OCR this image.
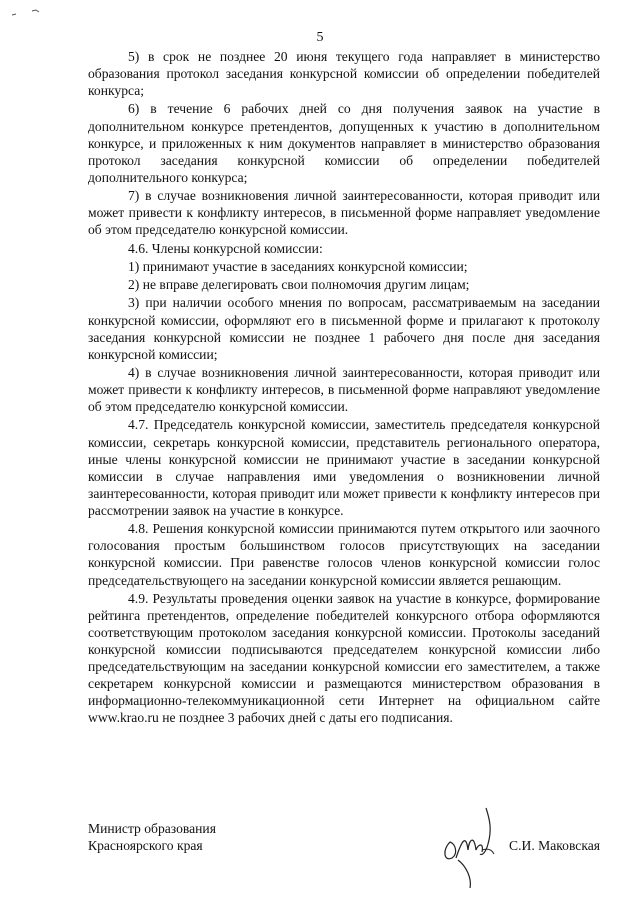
5

5) в срок не позднее 20 июня текущего года направляет в министерство образования протокол заседания конкурсной комиссии об определении победителей конкурса;

6) в течение 6 рабочих дней со дня получения заявок на участие в дополнительном конкурсе претендентов, допущенных к участию в дополнительном конкурсе, и приложенных к ним документов направляет в министерство образования протокол заседания конкурсной комиссии об определении победителей дополнительного конкурса;

7) в случае возникновения личной заинтересованности, которая приводит или может привести к конфликту интересов, в письменной форме направляет уведомление об этом председателю конкурсной комиссии.

4.6. Члены конкурсной комиссии:

1) принимают участие в заседаниях конкурсной комиссии;

2) не вправе делегировать свои полномочия другим лицам;

3) при наличии особого мнения по вопросам, рассматриваемым на заседании конкурсной комиссии, оформляют его в письменной форме и прилагают к протоколу заседания конкурсной комиссии не позднее 1 рабочего дня после дня заседания конкурсной комиссии;

4) в случае возникновения личной заинтересованности, которая приводит или может привести к конфликту интересов, в письменной форме направляют уведомление об этом председателю конкурсной комиссии.

4.7. Председатель конкурсной комиссии, заместитель председателя конкурсной комиссии, секретарь конкурсной комиссии, представитель регионального оператора, иные члены конкурсной комиссии не принимают участие в заседании конкурсной комиссии в случае направления ими уведомления о возникновении личной заинтересованности, которая приводит или может привести к конфликту интересов при рассмотрении заявок на участие в конкурсе.

4.8. Решения конкурсной комиссии принимаются путем открытого или заочного голосования простым большинством голосов присутствующих на заседании конкурсной комиссии. При равенстве голосов членов конкурсной комиссии голос председательствующего на заседании конкурсной комиссии является решающим.

4.9. Результаты проведения оценки заявок на участие в конкурсе, формирование рейтинга претендентов, определение победителей конкурсного отбора оформляются соответствующим протоколом заседания конкурсной комиссии. Протоколы заседаний конкурсной комиссии подписываются председателем конкурсной комиссии либо председательствующим на заседании конкурсной комиссии его заместителем, а также секретарем конкурсной комиссии и размещаются министерством образования в информационно-телекоммуникационной сети Интернет на официальном сайте www.krao.ru не позднее 3 рабочих дней с даты его подписания.

Министр образования
Красноярского края	С.И. Маковская
